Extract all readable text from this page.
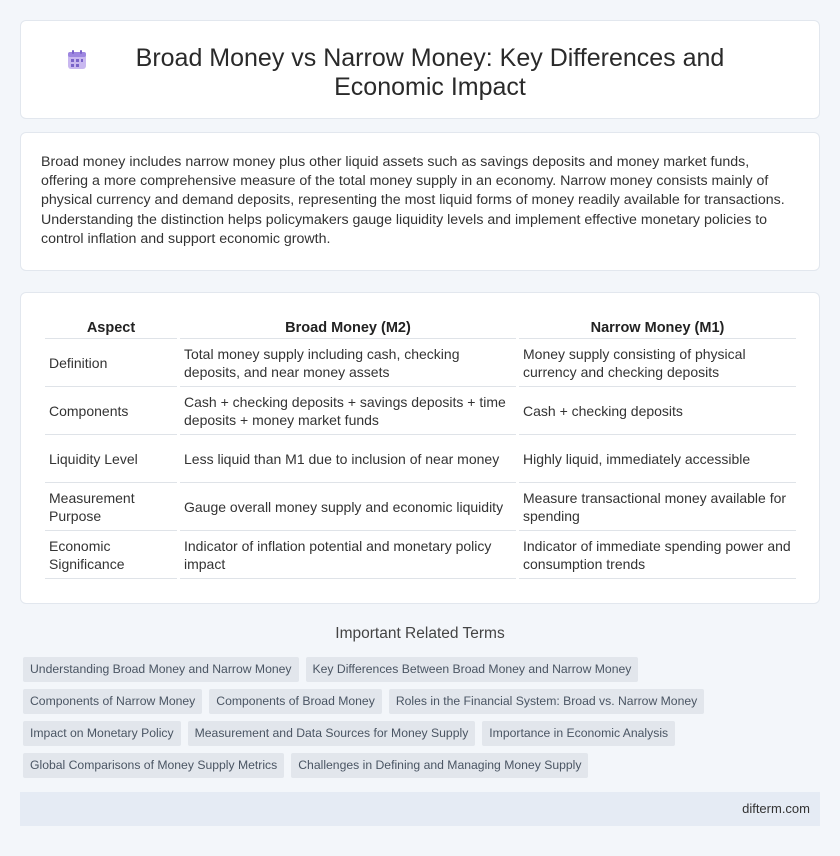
Broad Money vs Narrow Money: Key Differences and Economic Impact
Broad money includes narrow money plus other liquid assets such as savings deposits and money market funds, offering a more comprehensive measure of the total money supply in an economy. Narrow money consists mainly of physical currency and demand deposits, representing the most liquid forms of money readily available for transactions. Understanding the distinction helps policymakers gauge liquidity levels and implement effective monetary policies to control inflation and support economic growth.
Aspect	Broad Money (M2)	Narrow Money (M1)
Definition	Total money supply including cash, checking deposits, and near money assets	Money supply consisting of physical currency and checking deposits
Components	Cash + checking deposits + savings deposits + time deposits + money market funds	Cash + checking deposits
Liquidity Level	Less liquid than M1 due to inclusion of near money	Highly liquid, immediately accessible
Measurement Purpose	Gauge overall money supply and economic liquidity	Measure transactional money available for spending
Economic Significance	Indicator of inflation potential and monetary policy impact	Indicator of immediate spending power and consumption trends
Important Related Terms
Understanding Broad Money and Narrow Money	Key Differences Between Broad Money and Narrow Money
Components of Narrow Money	Components of Broad Money	Roles in the Financial System: Broad vs. Narrow Money
Impact on Monetary Policy	Measurement and Data Sources for Money Supply	Importance in Economic Analysis
Global Comparisons of Money Supply Metrics	Challenges in Defining and Managing Money Supply
difterm.com
